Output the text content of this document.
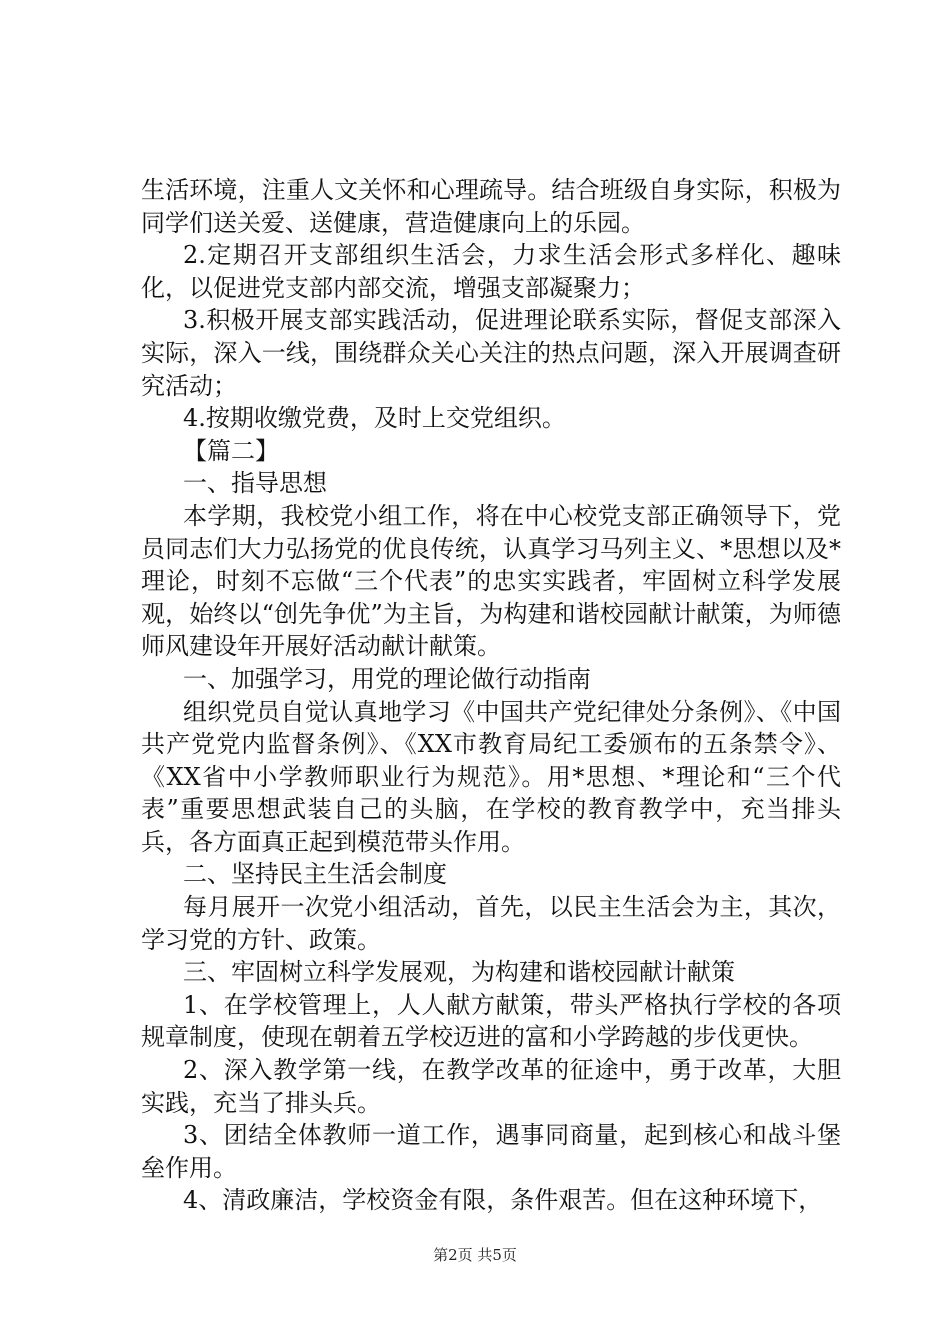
生活环境，注重人文关怀和心理疏导。结合班级自身实际，积极为同学们送关爱、送健康，营造健康向上的乐园。

2.定期召开支部组织生活会，力求生活会形式多样化、趣味化，以促进党支部内部交流，增强支部凝聚力；

3.积极开展支部实践活动，促进理论联系实际，督促支部深入实际，深入一线，围绕群众关心关注的热点问题，深入开展调查研究活动；

4.按期收缴党费，及时上交党组织。

【篇二】

一、指导思想

本学期，我校党小组工作，将在中心校党支部正确领导下，党员同志们大力弘扬党的优良传统，认真学习马列主义、*思想以及*理论，时刻不忘做“三个代表”的忠实实践者，牢固树立科学发展观，始终以“创先争优”为主旨，为构建和谐校园献计献策，为师德师风建设年开展好活动献计献策。

一、加强学习，用党的理论做行动指南

组织党员自觉认真地学习《中国共产党纪律处分条例》、《中国共产党党内监督条例》、《XX市教育局纪工委颁布的五条禁令》、《XX省中小学教师职业行为规范》。用*思想、*理论和“三个代表”重要思想武装自己的头脑，在学校的教育教学中，充当排头兵，各方面真正起到模范带头作用。

二、坚持民主生活会制度

每月展开一次党小组活动，首先，以民主生活会为主，其次，学习党的方针、政策。

三、牢固树立科学发展观，为构建和谐校园献计献策

1、在学校管理上，人人献方献策，带头严格执行学校的各项规章制度，使现在朝着五学校迈进的富和小学跨越的步伐更快。

2、深入教学第一线，在教学改革的征途中，勇于改革，大胆实践，充当了排头兵。

3、团结全体教师一道工作，遇事同商量，起到核心和战斗堡垒作用。

4、清政廉洁，学校资金有限，条件艰苦。但在这种环境下，

第2页 共5页
